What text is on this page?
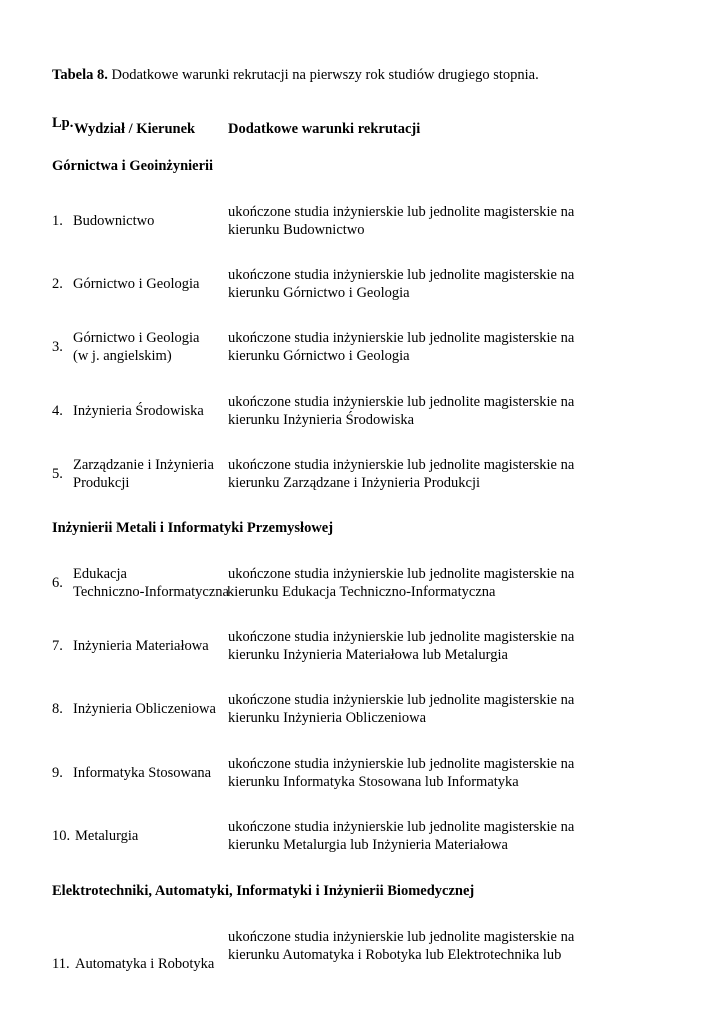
Tabela 8. Dodatkowe warunki rekrutacji na pierwszy rok studiów drugiego stopnia.
Lp. Wydział / Kierunek Dodatkowe warunki rekrutacji
Górnictwa i Geoinżynierii
Inżynierii Metali i Informatyki Przemysłowej
Elektrotechniki, Automatyki, Informatyki i Inżynierii Biomedycznej
1. Budownictwo
ukończone studia inżynierskie lub jednolite magisterskie na
kierunku Budownictwo
2. Górnictwo i Geologia
ukończone studia inżynierskie lub jednolite magisterskie na
kierunku Górnictwo i Geologia
3.
Górnictwo i Geologia
(w j. angielskim)
ukończone studia inżynierskie lub jednolite magisterskie na
kierunku Górnictwo i Geologia
4. Inżynieria Środowiska
ukończone studia inżynierskie lub jednolite magisterskie na
kierunku Inżynieria Środowiska
5.
Zarządzanie i Inżynieria
Produkcji
ukończone studia inżynierskie lub jednolite magisterskie na
kierunku Zarządzane i Inżynieria Produkcji
6.
Edukacja
Techniczno-Informatyczna
ukończone studia inżynierskie lub jednolite magisterskie na
kierunku Edukacja Techniczno-Informatyczna
7. Inżynieria Materiałowa
ukończone studia inżynierskie lub jednolite magisterskie na
kierunku Inżynieria Materiałowa lub Metalurgia
8. Inżynieria Obliczeniowa
ukończone studia inżynierskie lub jednolite magisterskie na
kierunku Inżynieria Obliczeniowa
9. Informatyka Stosowana
ukończone studia inżynierskie lub jednolite magisterskie na
kierunku Informatyka Stosowana lub Informatyka
10. Metalurgia
ukończone studia inżynierskie lub jednolite magisterskie na
kierunku Metalurgia lub Inżynieria Materiałowa
11. Automatyka i Robotyka
ukończone studia inżynierskie lub jednolite magisterskie na
kierunku Automatyka i Robotyka lub Elektrotechnika lub
